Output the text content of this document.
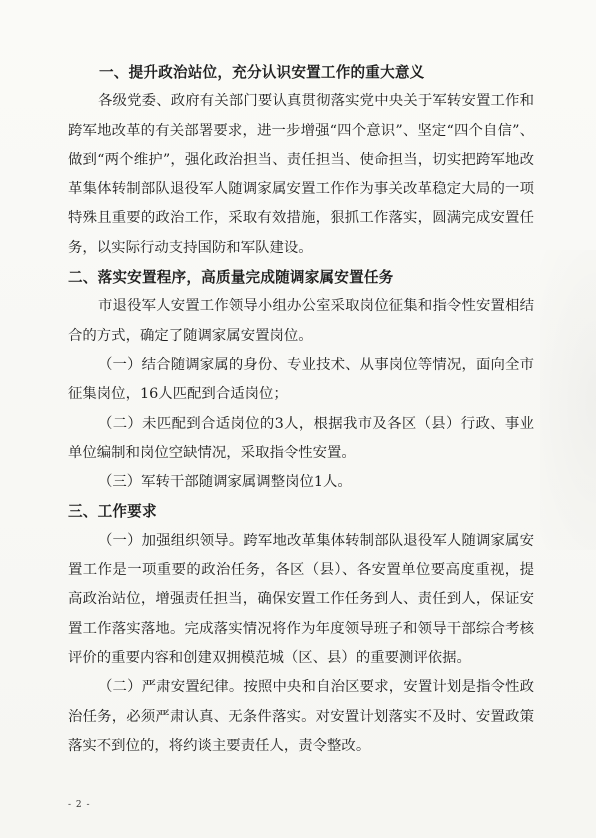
一、提升政治站位，充分认识安置工作的重大意义

各级党委、政府有关部门要认真贯彻落实党中央关于军转安置工作和跨军地改革的有关部署要求，进一步增强“四个意识”、坚定“四个自信”、做到“两个维护”，强化政治担当、责任担当、使命担当，切实把跨军地改革集体转制部队退役军人随调家属安置工作作为事关改革稳定大局的一项特殊且重要的政治工作，采取有效措施，狠抓工作落实，圆满完成安置任务，以实际行动支持国防和军队建设。

二、落实安置程序，高质量完成随调家属安置任务

市退役军人安置工作领导小组办公室采取岗位征集和指令性安置相结合的方式，确定了随调家属安置岗位。

（一）结合随调家属的身份、专业技术、从事岗位等情况，面向全市征集岗位，16人匹配到合适岗位；

（二）未匹配到合适岗位的3人，根据我市及各区（县）行政、事业单位编制和岗位空缺情况，采取指令性安置。

（三）军转干部随调家属调整岗位1人。

三、工作要求

（一）加强组织领导。跨军地改革集体转制部队退役军人随调家属安置工作是一项重要的政治任务，各区（县）、各安置单位要高度重视，提高政治站位，增强责任担当，确保安置工作任务到人、责任到人，保证安置工作落实落地。完成落实情况将作为年度领导班子和领导干部综合考核评价的重要内容和创建双拥模范城（区、县）的重要测评依据。

（二）严肃安置纪律。按照中央和自治区要求，安置计划是指令性政治任务，必须严肃认真、无条件落实。对安置计划落实不及时、安置政策落实不到位的，将约谈主要责任人，责令整改。

- 2 -
